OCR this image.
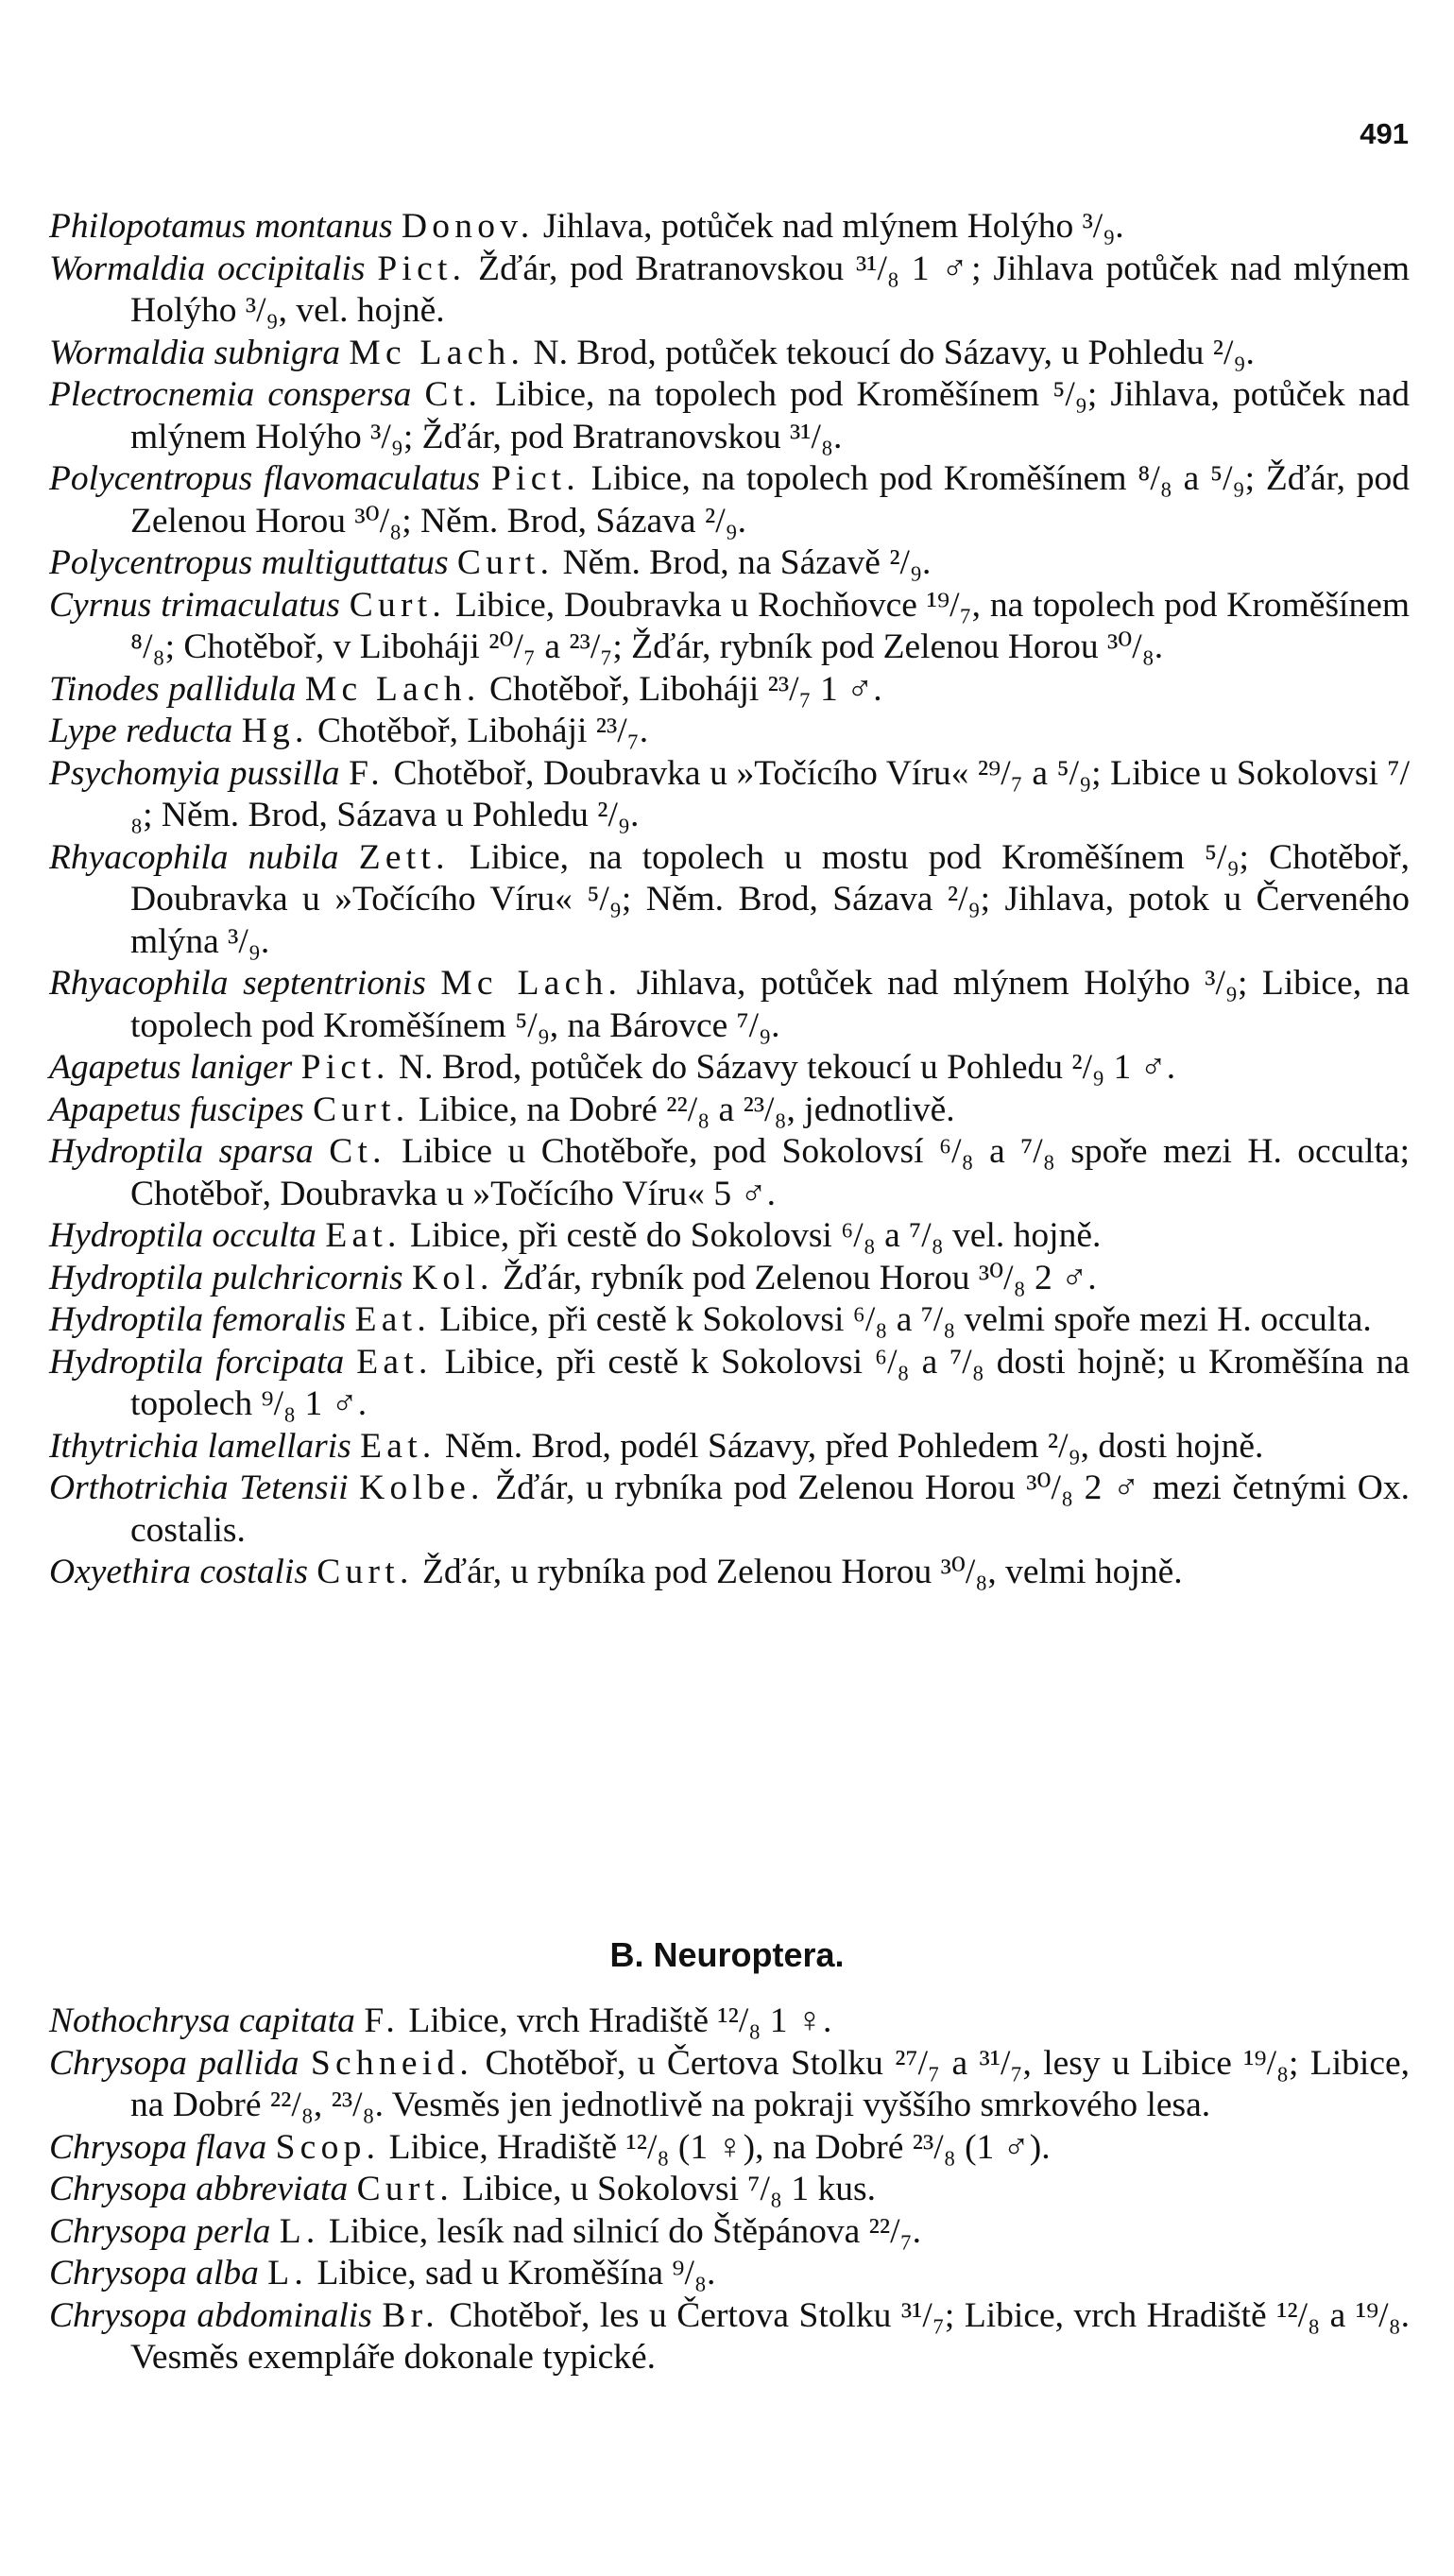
491
Philopotamus montanus Donov. Jihlava, potůček nad mlýnem Holýho ³/₉.
Wormaldia occipitalis Pict. Žďár, pod Bratranovskou ³¹/₈ 1 ♂; Jihlava potůček nad mlýnem Holýho ³/₉, vel. hojně.
Wormaldia subnigra Mc Lach. N. Brod, potůček tekoucí do Sázavy, u Pohledu ²/₉.
Plectrocnemia conspersa Ct. Libice, na topolech pod Kroměšínem ⁵/₉; Jihlava, potůček nad mlýnem Holýho ³/₉; Žďár, pod Bratranovskou ³¹/₈.
Polycentropus flavomaculatus Pict. Libice, na topolech pod Kroměšínem ⁸/₈ a ⁵/₉; Žďár, pod Zelenou Horou ³⁰/₈; Něm. Brod, Sázava ²/₉.
Polycentropus multiguttatus Curt. Něm. Brod, na Sázavě ²/₉.
Cyrnus trimaculatus Curt. Libice, Doubravka u Rochňovce ¹⁹/₇, na topolech pod Kroměšínem ⁸/₈; Chotěboř, v Libohájі ²⁰/₇ a ²³/₇; Žďár, rybník pod Zelenou Horou ³⁰/₈.
Tinodes pallidula Mc Lach. Chotěboř, Libohájі ²³/₇ 1 ♂.
Lype reducta Hg. Chotěboř, Libohájі ²³/₇.
Psychomyia pussilla F. Chotěboř, Doubravka u »Točícího Víru« ²⁹/₇ a ⁵/₉; Libice u Sokolovsi ⁷/₈; Něm. Brod, Sázava u Pohledu ²/₉.
Rhyacophila nubila Zett. Libice, na topolech u mostu pod Kroměšínem ⁵/₉; Chotěboř, Doubravka u »Točícího Víru« ⁵/₉; Něm. Brod, Sázava ²/₉; Jihlava, potok u Červeného mlýna ³/₉.
Rhyacophila septentrionis Mc Lach. Jihlava, potůček nad mlýnem Holýho ³/₉; Libice, na topolech pod Kroměšínem ⁵/₉, na Bárovce ⁷/₉.
Agapetus laniger Pict. N. Brod, potůček do Sázavy tekoucí u Pohledu ²/₉ 1 ♂.
Apapetus fuscipes Curt. Libice, na Dobré ²²/₈ a ²³/₈, jednotlivě.
Hydroptila sparsa Ct. Libice u Chotěboře, pod Sokolovsí ⁶/₈ a ⁷/₈ spoře mezi H. occulta; Chotěboř, Doubravka u »Točícího Víru« 5 ♂.
Hydroptila occulta Eat. Libice, při cestě do Sokolovsi ⁶/₈ a ⁷/₈ vel. hojně.
Hydroptila pulchricornis Kol. Žďár, rybník pod Zelenou Horou ³⁰/₈ 2 ♂.
Hydroptila femoralis Eat. Libice, při cestě k Sokolovsi ⁶/₈ a ⁷/₈ velmi spoře mezi H. occulta.
Hydroptila forcipata Eat. Libice, při cestě k Sokolovsi ⁶/₈ a ⁷/₈ dosti hojně; u Kroměšína na topolech ⁹/₈ 1 ♂.
Ithytrichia lamellaris Eat. Něm. Brod, podél Sázavy, před Pohledem ²/₉, dosti hojně.
Orthotrichia Tetensii Kolbe. Žďár, u rybníka pod Zelenou Horou ³⁰/₈ 2 ♂ mezi četnými Ox. costalis.
Oxyethira costalis Curt. Žďár, u rybníka pod Zelenou Horou ³⁰/₈, velmi hojně.
B. Neuroptera.
Nothochrysa capitata F. Libice, vrch Hradiště ¹²/₈ 1 ♀.
Chrysopa pallida Schneid. Chotěboř, u Čertova Stolku ²⁷/₇ a ³¹/₇, lesy u Libice ¹⁹/₈; Libice, na Dobré ²²/₈, ²³/₈. Vesměs jen jednotlivě na pokraji vyššího smrkového lesa.
Chrysopa flava Scop. Libice, Hradiště ¹²/₈ (1 ♀), na Dobré ²³/₈ (1 ♂).
Chrysopa abbreviata Curt. Libice, u Sokolovsi ⁷/₈ 1 kus.
Chrysopa perla L. Libice, lesík nad silnicí do Štěpánova ²²/₇.
Chrysopa alba L. Libice, sad u Kroměšína ⁹/₈.
Chrysopa abdominalis Br. Chotěboř, les u Čertova Stolku ³¹/₇; Libice, vrch Hradiště ¹²/₈ a ¹⁹/₈. Vesměs exempláře dokonale typické.
